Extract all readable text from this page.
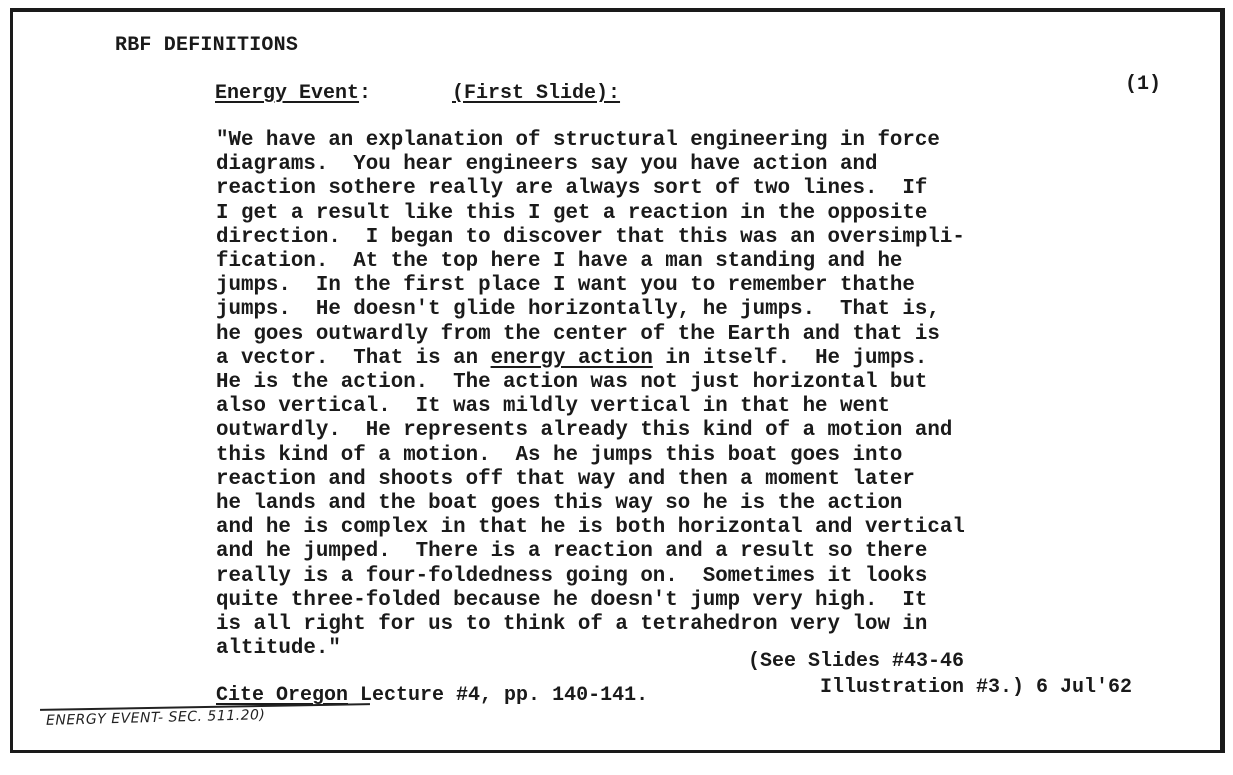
RBF DEFINITIONS
(1)
Energy Event:	(First Slide):
"We have an explanation of structural engineering in force
diagrams.  You hear engineers say you have action and
reaction sothere really are always sort of two lines.  If
I get a result like this I get a reaction in the opposite
direction.  I began to discover that this was an oversimpli-
fication.  At the top here I have a man standing and he
jumps.  In the first place I want you to remember thathe
jumps.  He doesn't glide horizontally, he jumps.  That is,
he goes outwardly from the center of the Earth and that is
a vector.  That is an energy action in itself.  He jumps.
He is the action.  The action was not just horizontal but
also vertical.  It was mildly vertical in that he went
outwardly.  He represents already this kind of a motion and
this kind of a motion.  As he jumps this boat goes into
reaction and shoots off that way and then a moment later
he lands and the boat goes this way so he is the action
and he is complex in that he is both horizontal and vertical
and he jumped.  There is a reaction and a result so there
really is a four-foldedness going on.  Sometimes it looks
quite three-folded because he doesn't jump very high.  It
is all right for us to think of a tetrahedron very low in
altitude."
(See Slides #43-46
Cite Oregon Lecture #4, pp. 140-141.	Illustration #3.) 6 Jul'62
ENERGY EVENT- SEC. 511.20)
